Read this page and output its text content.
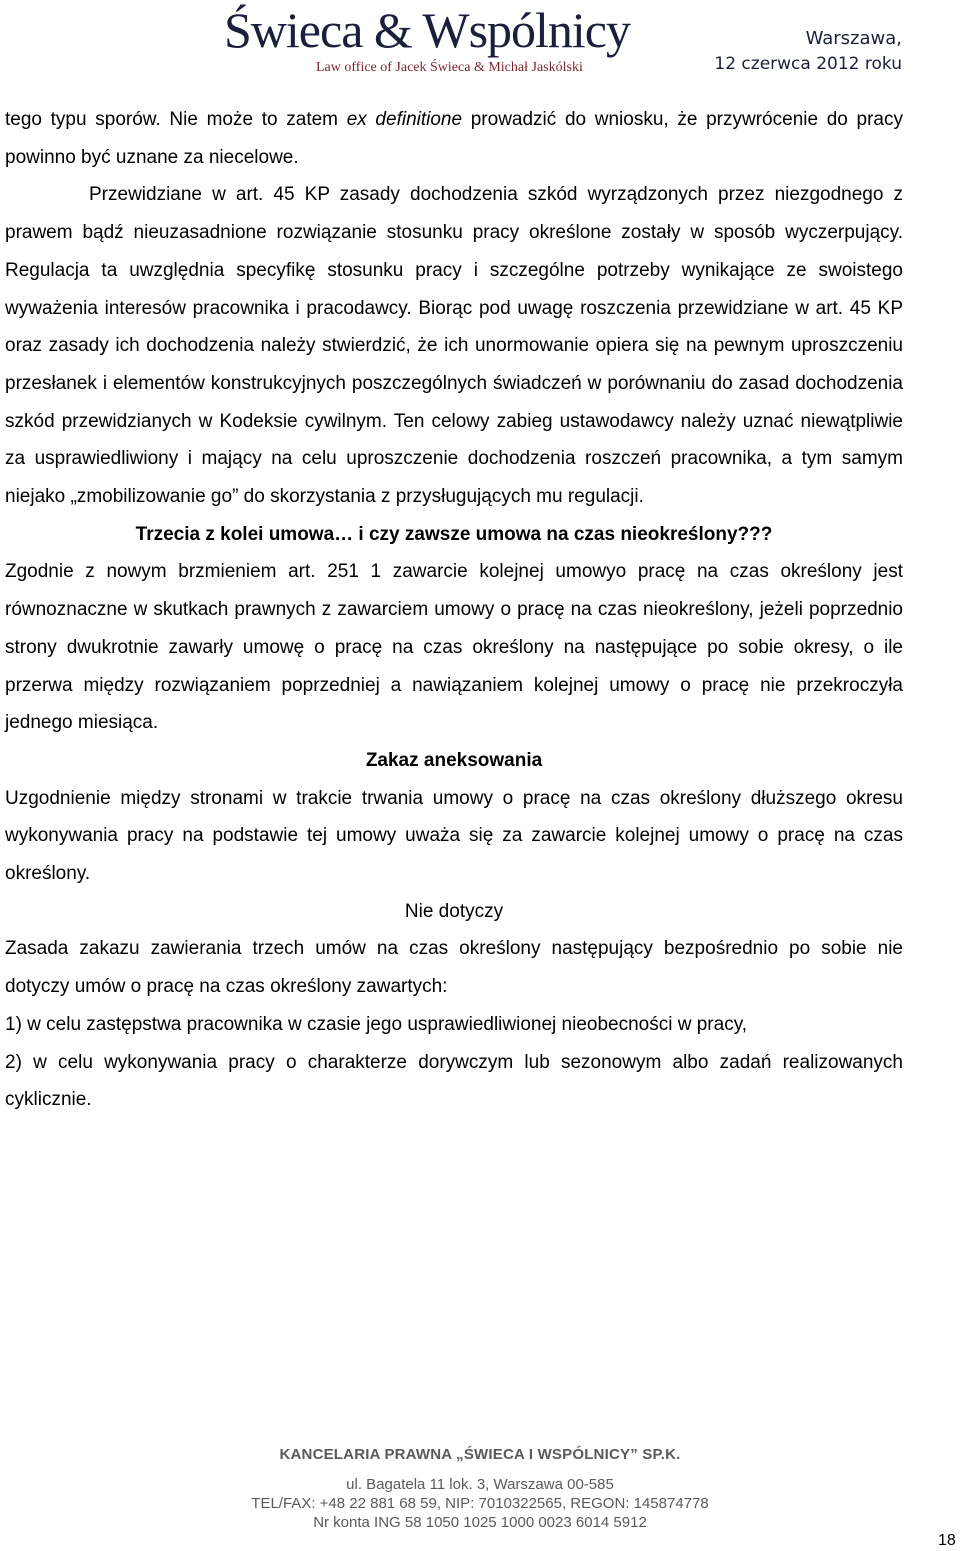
Świeca & Wspólnicy
Law office of Jacek Świeca & Michał Jaskólski
Warszawa,
12 czerwca 2012 roku

tego typu sporów. Nie może to zatem ex definitione prowadzić do wniosku, że przywrócenie do pracy powinno być uznane za niecelowe.

Przewidziane w art. 45 KP zasady dochodzenia szkód wyrządzonych przez niezgodnego z prawem bądź nieuzasadnione rozwiązanie stosunku pracy określone zostały w sposób wyczerpujący. Regulacja ta uwzględnia specyfikę stosunku pracy i szczególne potrzeby wynikające ze swoistego wyważenia interesów pracownika i pracodawcy. Biorąc pod uwagę roszczenia przewidziane w art. 45 KP oraz zasady ich dochodzenia należy stwierdzić, że ich unormowanie opiera się na pewnym uproszczeniu przesłanek i elementów konstrukcyjnych poszczególnych świadczeń w porównaniu do zasad dochodzenia szkód przewidzianych w Kodeksie cywilnym. Ten celowy zabieg ustawodawcy należy uznać niewątpliwie za usprawiedliwiony i mający na celu uproszczenie dochodzenia roszczeń pracownika, a tym samym niejako „zmobilizowanie go” do skorzystania z przysługujących mu regulacji.

Trzecia z kolei umowa… i czy zawsze umowa na czas nieokreślony???

Zgodnie z nowym brzmieniem art. 251 1 zawarcie kolejnej umowyo pracę na czas określony jest równoznaczne w skutkach prawnych z zawarciem umowy o pracę na czas nieokreślony, jeżeli poprzednio strony dwukrotnie zawarły umowę o pracę na czas określony na następujące po sobie okresy, o ile przerwa między rozwiązaniem poprzedniej a nawiązaniem kolejnej umowy o pracę nie przekroczyła jednego miesiąca.

Zakaz aneksowania

Uzgodnienie między stronami w trakcie trwania umowy o pracę na czas określony dłuższego okresu wykonywania pracy na podstawie tej umowy uważa się za zawarcie kolejnej umowy o pracę na czas określony.

Nie dotyczy

Zasada zakazu zawierania trzech umów na czas określony następujący bezpośrednio po sobie nie dotyczy umów o pracę na czas określony zawartych:

1) w celu zastępstwa pracownika w czasie jego usprawiedliwionej nieobecności w pracy,

2) w celu wykonywania pracy o charakterze dorywczym lub sezonowym albo zadań realizowanych cyklicznie.

KANCELARIA PRAWNA „ŚWIECA I WSPÓLNICY” SP.K.
ul. Bagatela 11 lok. 3, Warszawa 00-585
TEL/FAX: +48 22 881 68 59, NIP: 7010322565, REGON: 145874778
Nr konta ING 58 1050 1025 1000 0023 6014 5912
18
